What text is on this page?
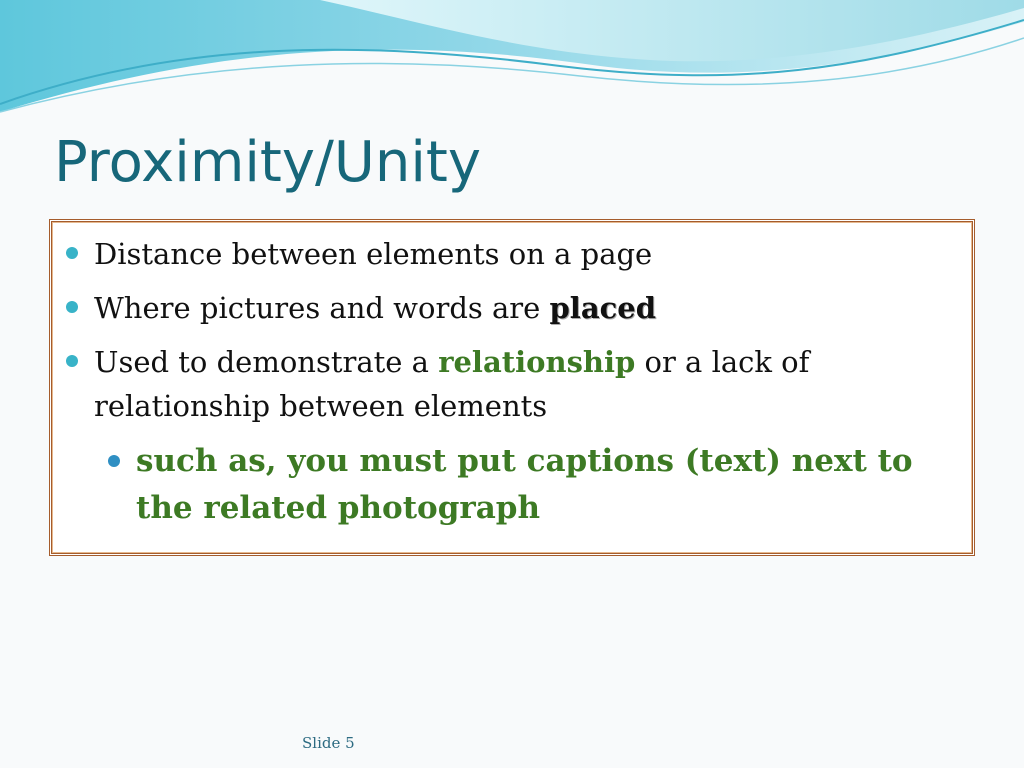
Proximity/Unity
Distance between elements on a page
Where pictures and words are placed
Used to demonstrate a relationship or a lack of
relationship between elements
such as, you must put captions (text) next to the related photograph
Slide 5
